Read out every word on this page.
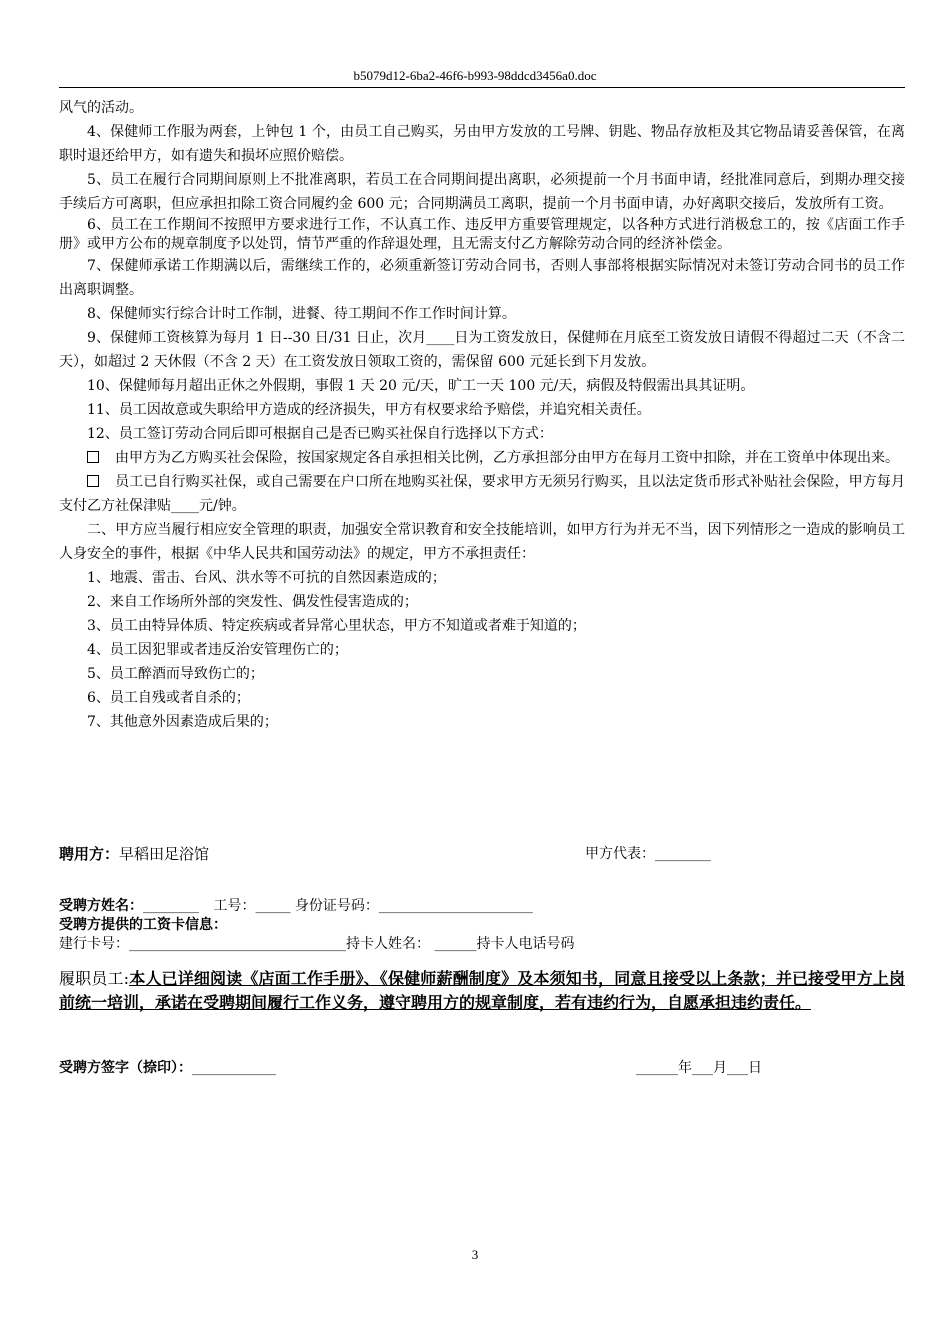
b5079d12-6ba2-46f6-b993-98ddcd3456a0.doc

风气的活动。

4、保健师工作服为两套，上钟包 1 个，由员工自己购买，另由甲方发放的工号牌、钥匙、物品存放柜及其它物品请妥善保管，在离职时退还给甲方，如有遗失和损坏应照价赔偿。

5、员工在履行合同期间原则上不批准离职，若员工在合同期间提出离职，必须提前一个月书面申请，经批准同意后，到期办理交接手续后方可离职，但应承担扣除工资合同履约金 600 元；合同期满员工离职，提前一个月书面申请，办好离职交接后，发放所有工资。

6、员工在工作期间不按照甲方要求进行工作，不认真工作、违反甲方重要管理规定，以各种方式进行消极怠工的，按《店面工作手册》或甲方公布的规章制度予以处罚，情节严重的作辞退处理，且无需支付乙方解除劳动合同的经济补偿金。

7、保健师承诺工作期满以后，需继续工作的，必须重新签订劳动合同书，否则人事部将根据实际情况对未签订劳动合同书的员工作出离职调整。

8、保健师实行综合计时工作制，进餐、待工期间不作工作时间计算。

9、保健师工资核算为每月 1 日--30 日/31 日止，次月____日为工资发放日，保健师在月底至工资发放日请假不得超过二天（不含二天），如超过 2 天休假（不含 2 天）在工资发放日领取工资的，需保留 600 元延长到下月发放。

10、保健师每月超出正休之外假期，事假 1 天 20 元/天，旷工一天 100 元/天，病假及特假需出具其证明。

11、员工因故意或失职给甲方造成的经济损失，甲方有权要求给予赔偿，并追究相关责任。

12、员工签订劳动合同后即可根据自己是否已购买社保自行选择以下方式：

由甲方为乙方购买社会保险，按国家规定各自承担相关比例，乙方承担部分由甲方在每月工资中扣除，并在工资单中体现出来。

员工已自行购买社保，或自己需要在户口所在地购买社保，要求甲方无须另行购买，且以法定货币形式补贴社会保险，甲方每月支付乙方社保津贴____元/钟。

二、甲方应当履行相应安全管理的职责，加强安全常识教育和安全技能培训，如甲方行为并无不当，因下列情形之一造成的影响员工人身安全的事件，根据《中华人民共和国劳动法》的规定，甲方不承担责任：

1、地震、雷击、台风、洪水等不可抗的自然因素造成的；

2、来自工作场所外部的突发性、偶发性侵害造成的；

3、员工由特异体质、特定疾病或者异常心里状态，甲方不知道或者难于知道的；

4、员工因犯罪或者违反治安管理伤亡的；

5、员工醉酒而导致伤亡的；

6、员工自残或者自杀的；

7、其他意外因素造成后果的；

聘用方：早稻田足浴馆	甲方代表：________
受聘方姓名：________ 工号：_____ 身份证号码：______________________
受聘方提供的工资卡信息：
建行卡号：_______________________________持卡人姓名： ______持卡人电话号码
履职员工:本人已详细阅读《店面工作手册》、《保健师薪酬制度》及本须知书，同意且接受以上条款；并已接受甲方上岗前统一培训，承诺在受聘期间履行工作义务，遵守聘用方的规章制度，若有违约行为，自愿承担违约责任。
受聘方签字（捺印）：____________	______年___月___日
3
